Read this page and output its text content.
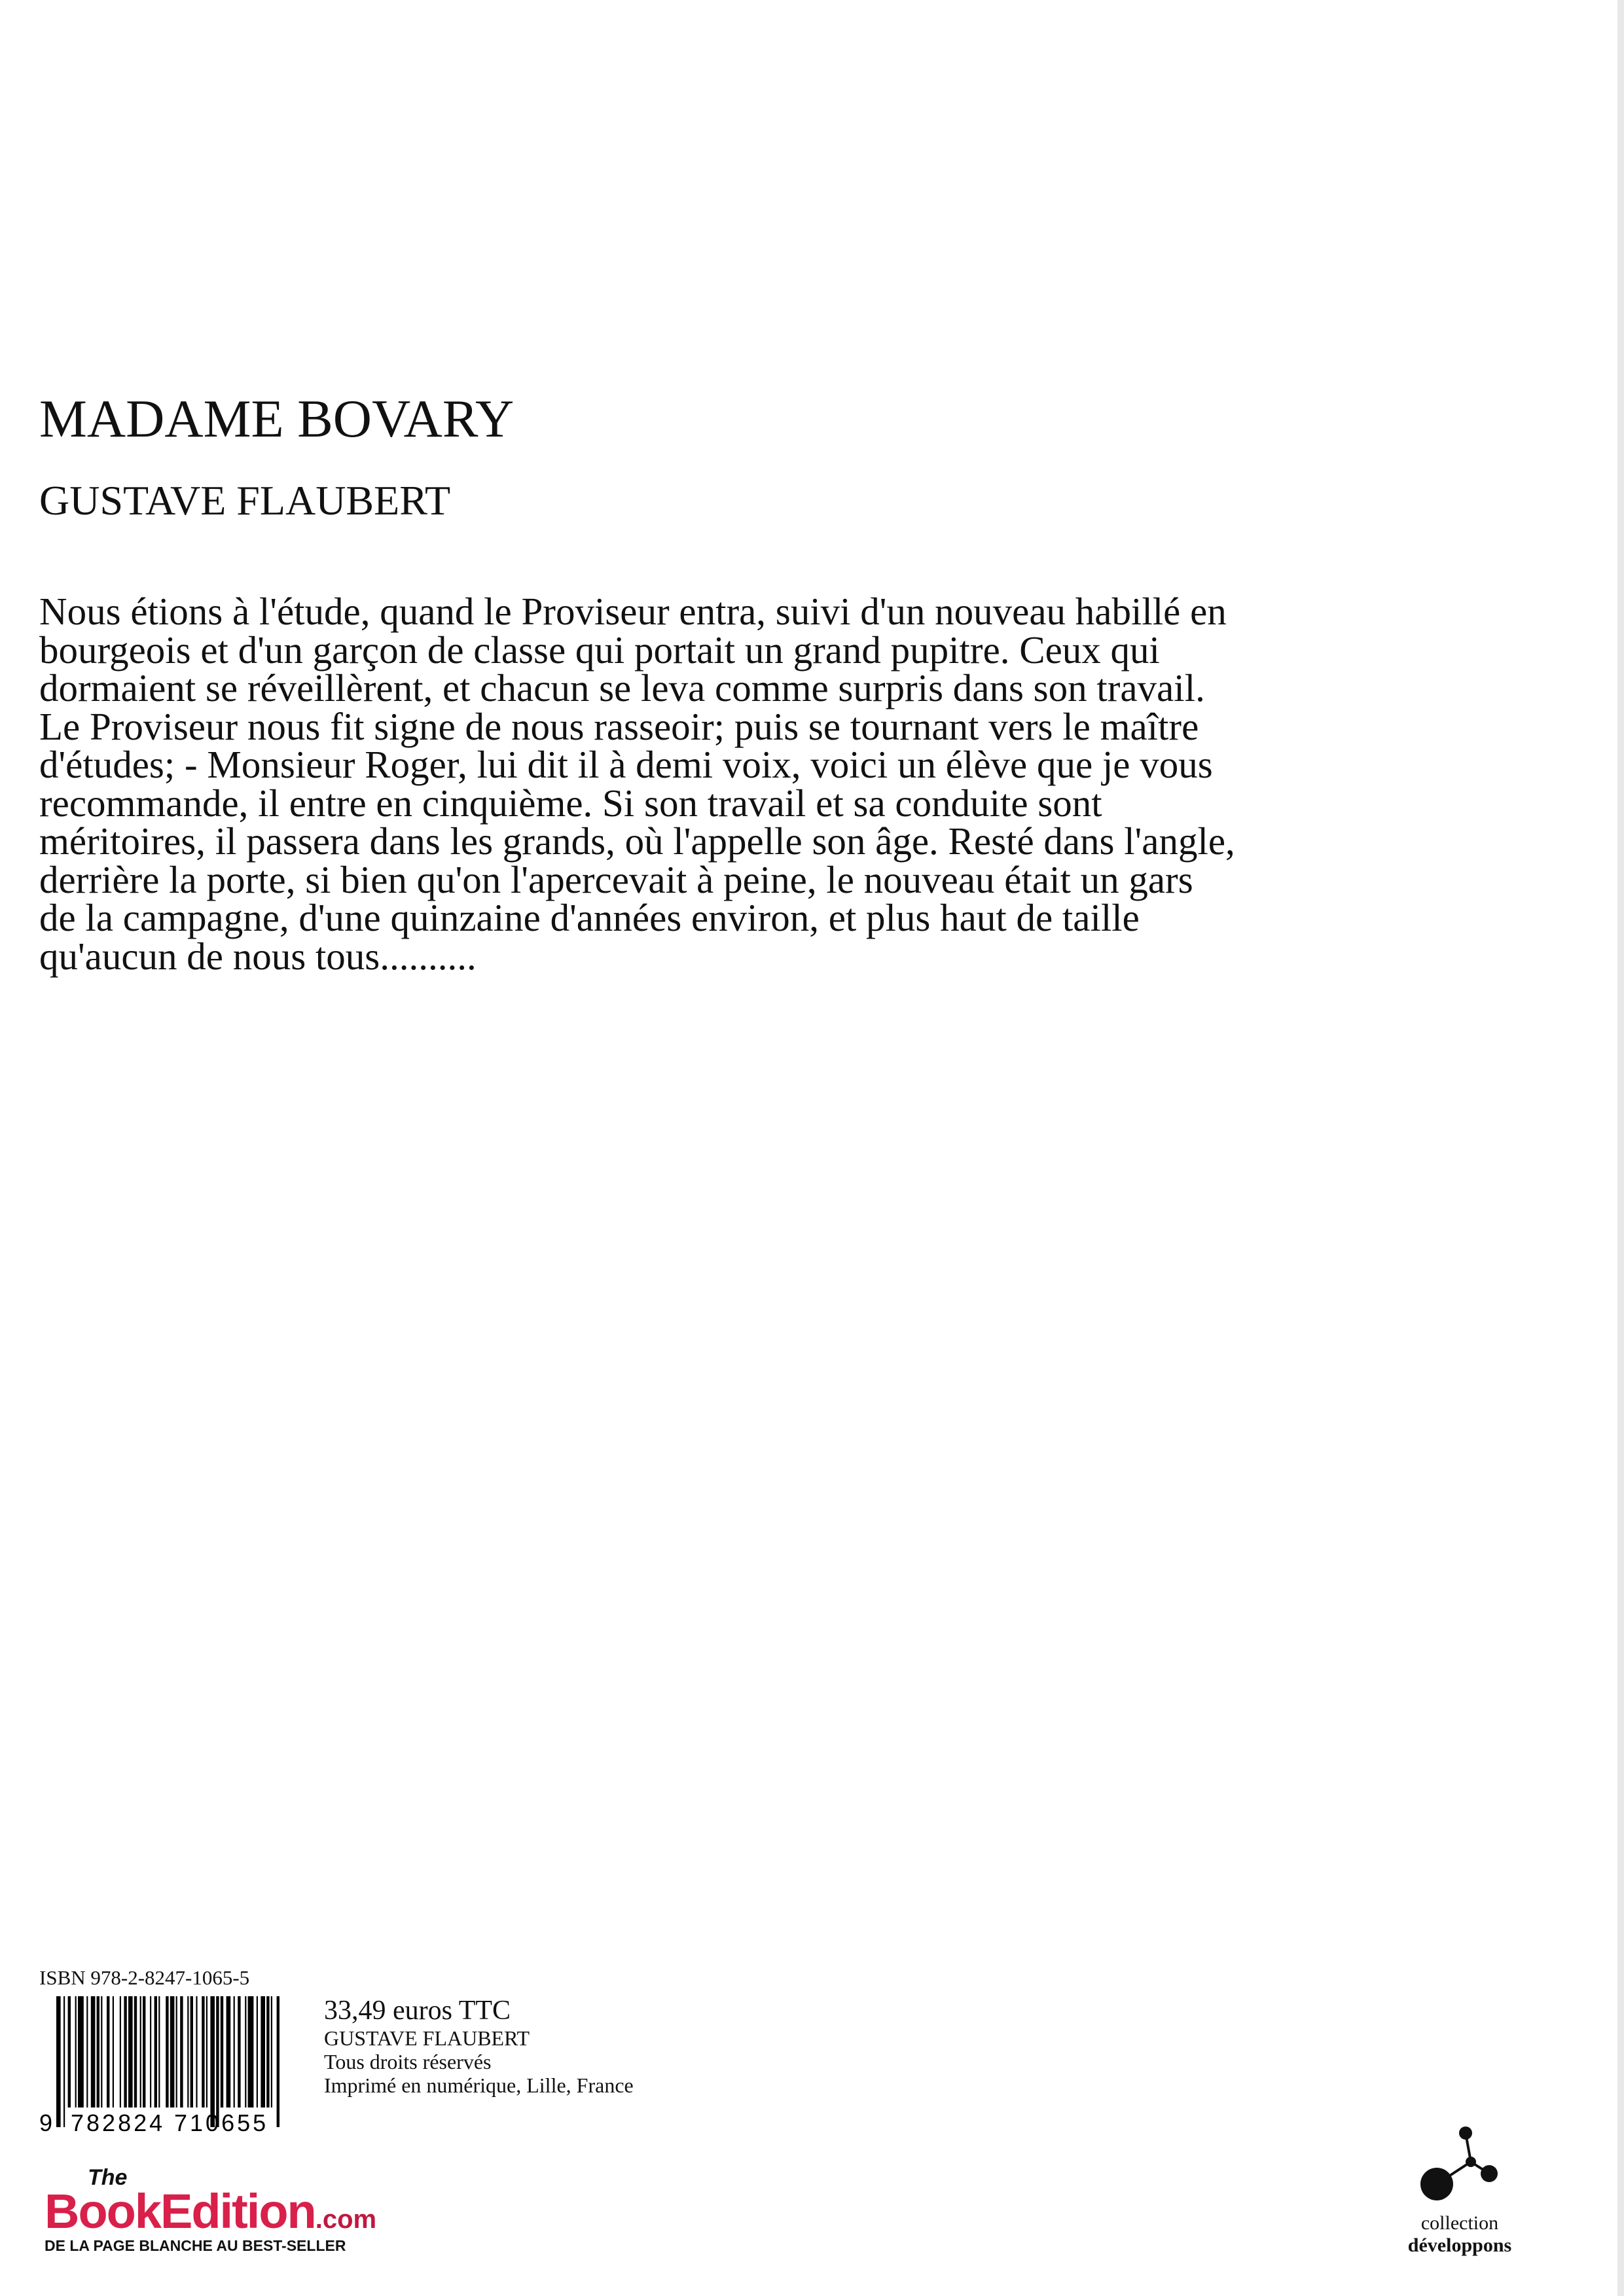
MADAME BOVARY
GUSTAVE FLAUBERT

Nous étions à l'étude, quand le Proviseur entra, suivi d'un nouveau habillé en bourgeois et d'un garçon de classe qui portait un grand pupitre. Ceux qui dormaient se réveillèrent, et chacun se leva comme surpris dans son travail. Le Proviseur nous fit signe de nous rasseoir; puis se tournant vers le maître d'études; - Monsieur Roger, lui dit il à demi voix, voici un élève que je vous recommande, il entre en cinquième. Si son travail et sa conduite sont méritoires, il passera dans les grands, où l'appelle son âge. Resté dans l'angle, derrière la porte, si bien qu'on l'apercevait à peine, le nouveau était un gars de la campagne, d'une quinzaine d'années environ, et plus haut de taille qu'aucun de nous tous..........

ISBN 978-2-8247-1065-5
9 782824 710655
33,49 euros TTC
GUSTAVE FLAUBERT
Tous droits réservés
Imprimé en numérique, Lille, France
The
BookEdition.com
DE LA PAGE BLANCHE AU BEST-SELLER
collection
développons
